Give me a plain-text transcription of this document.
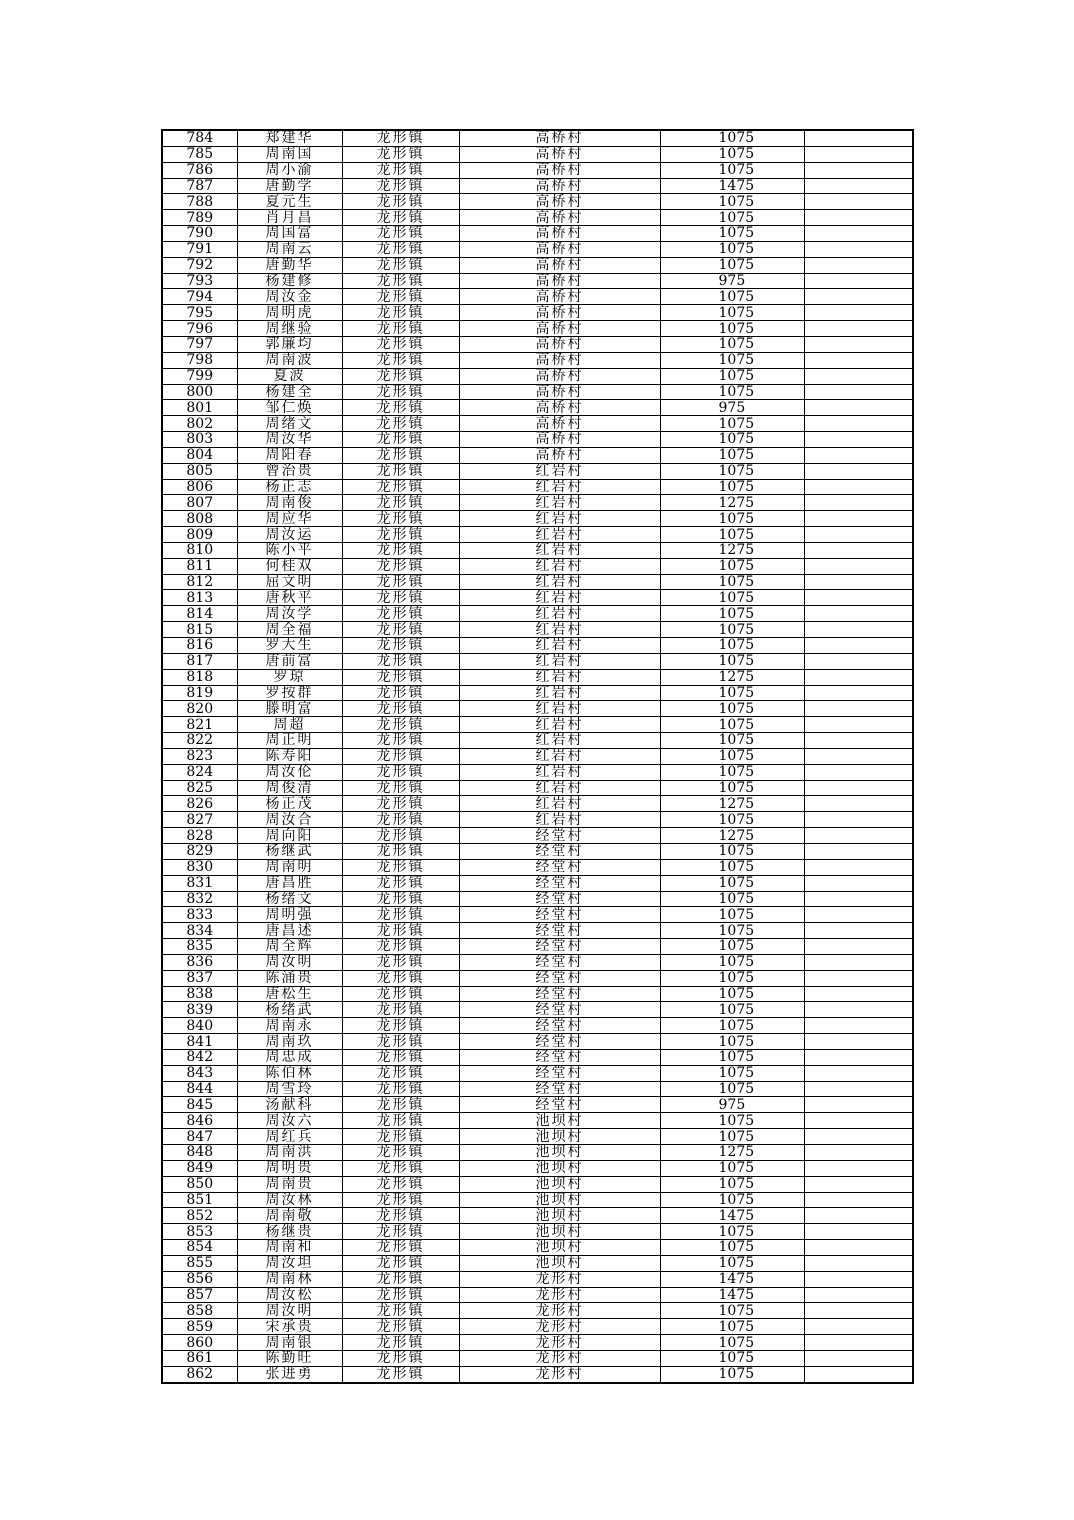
784	郑建华	龙形镇	高桥村	1075	
785	周南国	龙形镇	高桥村	1075	
786	周小渝	龙形镇	高桥村	1075	
787	唐勤学	龙形镇	高桥村	1475	
788	夏元生	龙形镇	高桥村	1075	
789	肖月昌	龙形镇	高桥村	1075	
790	周国富	龙形镇	高桥村	1075	
791	周南云	龙形镇	高桥村	1075	
792	唐勤华	龙形镇	高桥村	1075	
793	杨建修	龙形镇	高桥村	975	
794	周汝金	龙形镇	高桥村	1075	
795	周明虎	龙形镇	高桥村	1075	
796	周继验	龙形镇	高桥村	1075	
797	郭廉均	龙形镇	高桥村	1075	
798	周南波	龙形镇	高桥村	1075	
799	夏波	龙形镇	高桥村	1075	
800	杨建全	龙形镇	高桥村	1075	
801	邹仁焕	龙形镇	高桥村	975	
802	周绪文	龙形镇	高桥村	1075	
803	周汝华	龙形镇	高桥村	1075	
804	周阳春	龙形镇	高桥村	1075	
805	曾治贵	龙形镇	红岩村	1075	
806	杨正志	龙形镇	红岩村	1075	
807	周南俊	龙形镇	红岩村	1275	
808	周应华	龙形镇	红岩村	1075	
809	周汝运	龙形镇	红岩村	1075	
810	陈小平	龙形镇	红岩村	1275	
811	何桂双	龙形镇	红岩村	1075	
812	屈文明	龙形镇	红岩村	1075	
813	唐秋平	龙形镇	红岩村	1075	
814	周汝学	龙形镇	红岩村	1075	
815	周全福	龙形镇	红岩村	1075	
816	罗大生	龙形镇	红岩村	1075	
817	唐前富	龙形镇	红岩村	1075	
818	罗琼	龙形镇	红岩村	1275	
819	罗按群	龙形镇	红岩村	1075	
820	滕明富	龙形镇	红岩村	1075	
821	周超	龙形镇	红岩村	1075	
822	周正明	龙形镇	红岩村	1075	
823	陈寿阳	龙形镇	红岩村	1075	
824	周汝伦	龙形镇	红岩村	1075	
825	周俊清	龙形镇	红岩村	1075	
826	杨正茂	龙形镇	红岩村	1275	
827	周汝合	龙形镇	红岩村	1075	
828	周向阳	龙形镇	经堂村	1275	
829	杨继武	龙形镇	经堂村	1075	
830	周南明	龙形镇	经堂村	1075	
831	唐昌胜	龙形镇	经堂村	1075	
832	杨绪文	龙形镇	经堂村	1075	
833	周明强	龙形镇	经堂村	1075	
834	唐昌述	龙形镇	经堂村	1075	
835	周全辉	龙形镇	经堂村	1075	
836	周汝明	龙形镇	经堂村	1075	
837	陈涌贵	龙形镇	经堂村	1075	
838	唐松生	龙形镇	经堂村	1075	
839	杨绪武	龙形镇	经堂村	1075	
840	周南永	龙形镇	经堂村	1075	
841	周南玖	龙形镇	经堂村	1075	
842	周忠成	龙形镇	经堂村	1075	
843	陈伯林	龙形镇	经堂村	1075	
844	周雪玲	龙形镇	经堂村	1075	
845	汤献科	龙形镇	经堂村	975	
846	周汝六	龙形镇	池坝村	1075	
847	周红兵	龙形镇	池坝村	1075	
848	周南洪	龙形镇	池坝村	1275	
849	周明贵	龙形镇	池坝村	1075	
850	周南贵	龙形镇	池坝村	1075	
851	周汝林	龙形镇	池坝村	1075	
852	周南敬	龙形镇	池坝村	1475	
853	杨继贵	龙形镇	池坝村	1075	
854	周南和	龙形镇	池坝村	1075	
855	周汝坦	龙形镇	池坝村	1075	
856	周南林	龙形镇	龙形村	1475	
857	周汝松	龙形镇	龙形村	1475	
858	周汝明	龙形镇	龙形村	1075	
859	宋承贵	龙形镇	龙形村	1075	
860	周南银	龙形镇	龙形村	1075	
861	陈勤旺	龙形镇	龙形村	1075	
862	张进勇	龙形镇	龙形村	1075	
